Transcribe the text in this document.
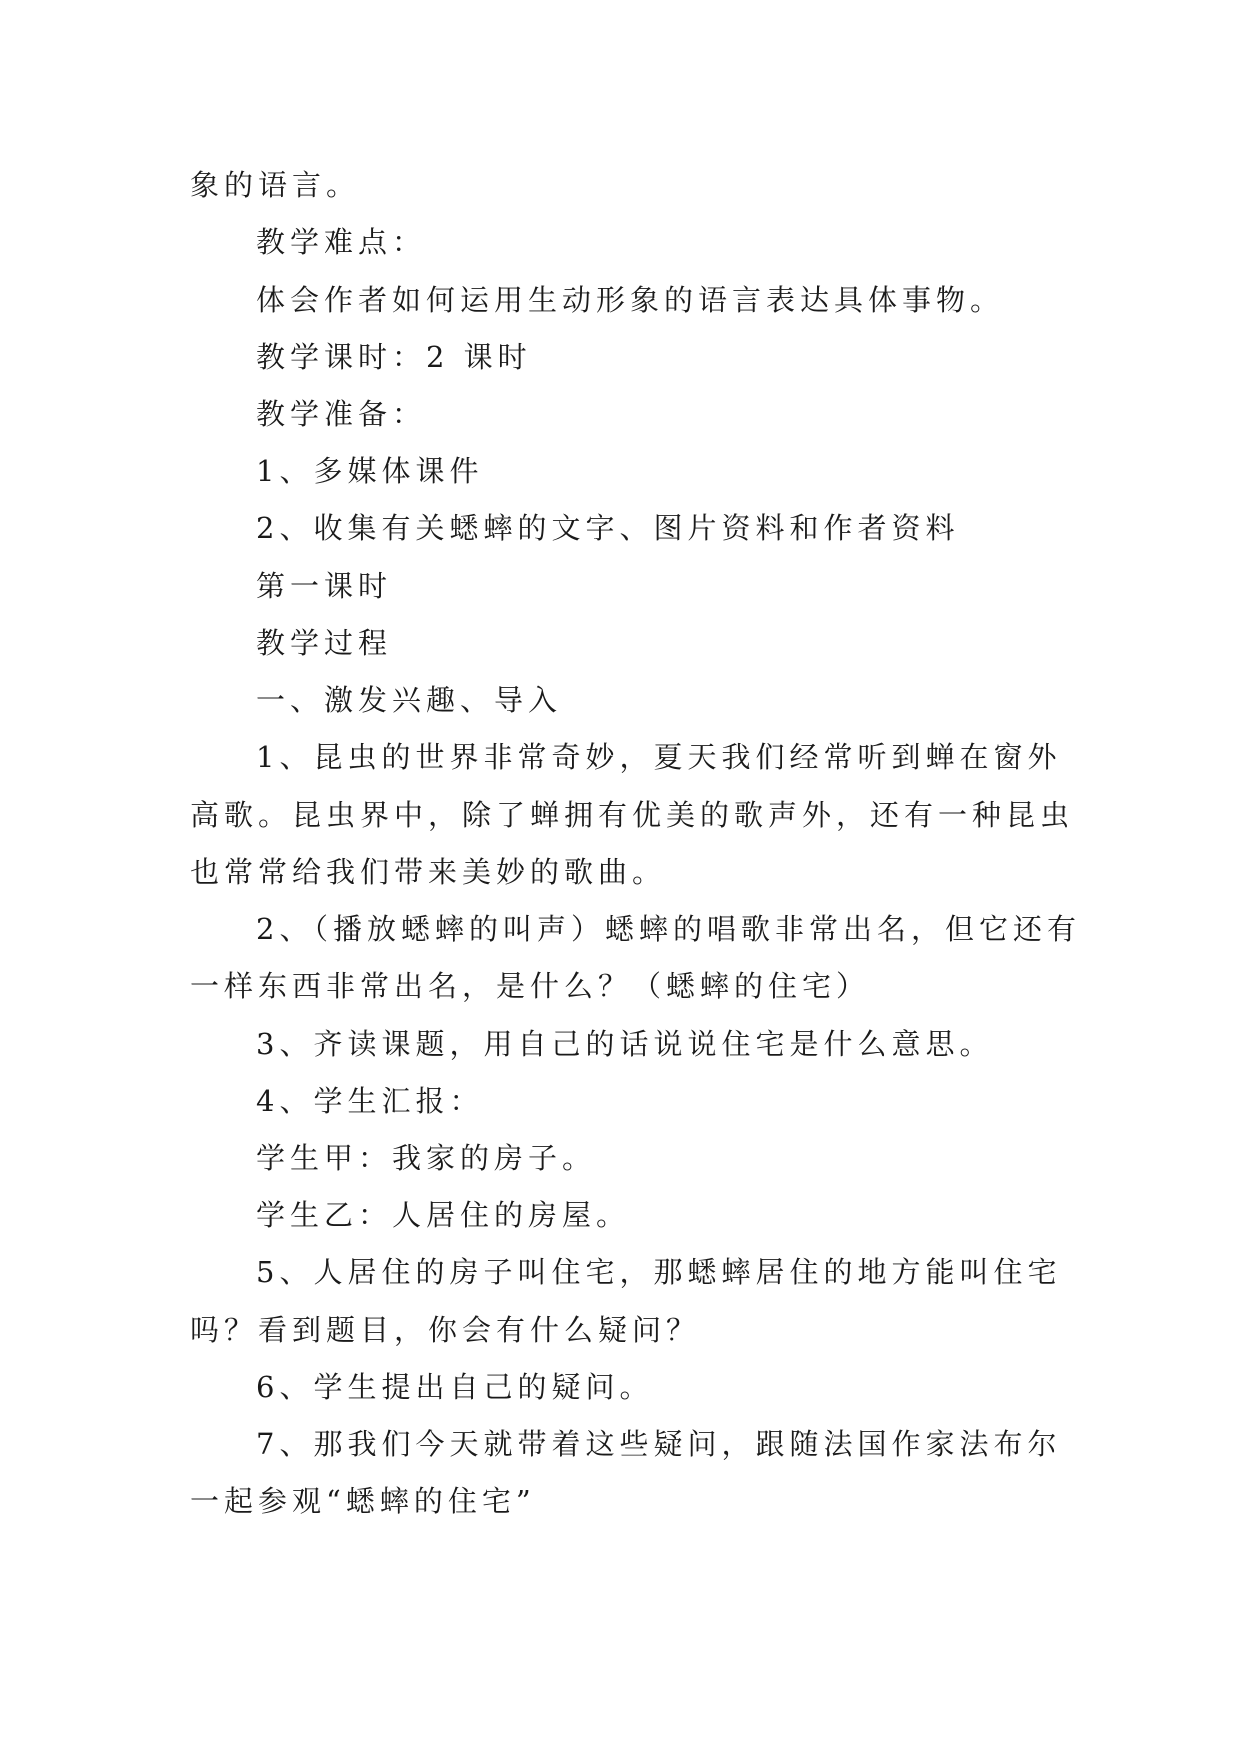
象的语言。
教学难点：
体会作者如何运用生动形象的语言表达具体事物。
教学课时：2 课时
教学准备：
1、多媒体课件
2、收集有关蟋蟀的文字、图片资料和作者资料
第一课时
教学过程
一、激发兴趣、导入
1、昆虫的世界非常奇妙，夏天我们经常听到蝉在窗外
高歌。昆虫界中，除了蝉拥有优美的歌声外，还有一种昆虫
也常常给我们带来美妙的歌曲。
2、（播放蟋蟀的叫声）蟋蟀的唱歌非常出名，但它还有
一样东西非常出名，是什么？（蟋蟀的住宅）
3、齐读课题，用自己的话说说住宅是什么意思。
4、学生汇报：
学生甲：我家的房子。
学生乙：人居住的房屋。
5、人居住的房子叫住宅，那蟋蟀居住的地方能叫住宅
吗？看到题目，你会有什么疑问？
6、学生提出自己的疑问。
7、那我们今天就带着这些疑问，跟随法国作家法布尔
一起参观“蟋蟀的住宅”
